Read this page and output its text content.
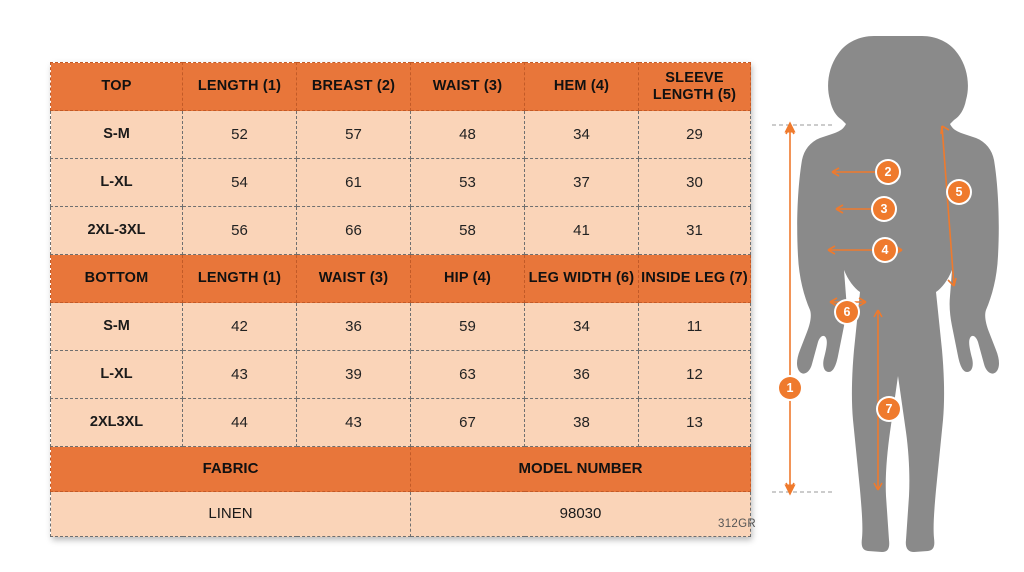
TOP	LENGTH (1)	BREAST (2)	WAIST (3)	HEM (4)	SLEEVE
LENGTH (5)

S-M	52	57	48	34	29
L-XL	54	61	53	37	30
2XL-3XL	56	66	58	41	31
BOTTOM	LENGTH (1)	WAIST (3)	HIP (4)	LEG WIDTH (6)	INSIDE LEG (7)
S-M	42	36	59	34	11
L-XL	43	39	63	36	12
2XL3XL	44	43	67	38	13
FABRIC			MODEL NUMBER		
LINEN			98030		
312GR
1
2
3
4
5
6
7
